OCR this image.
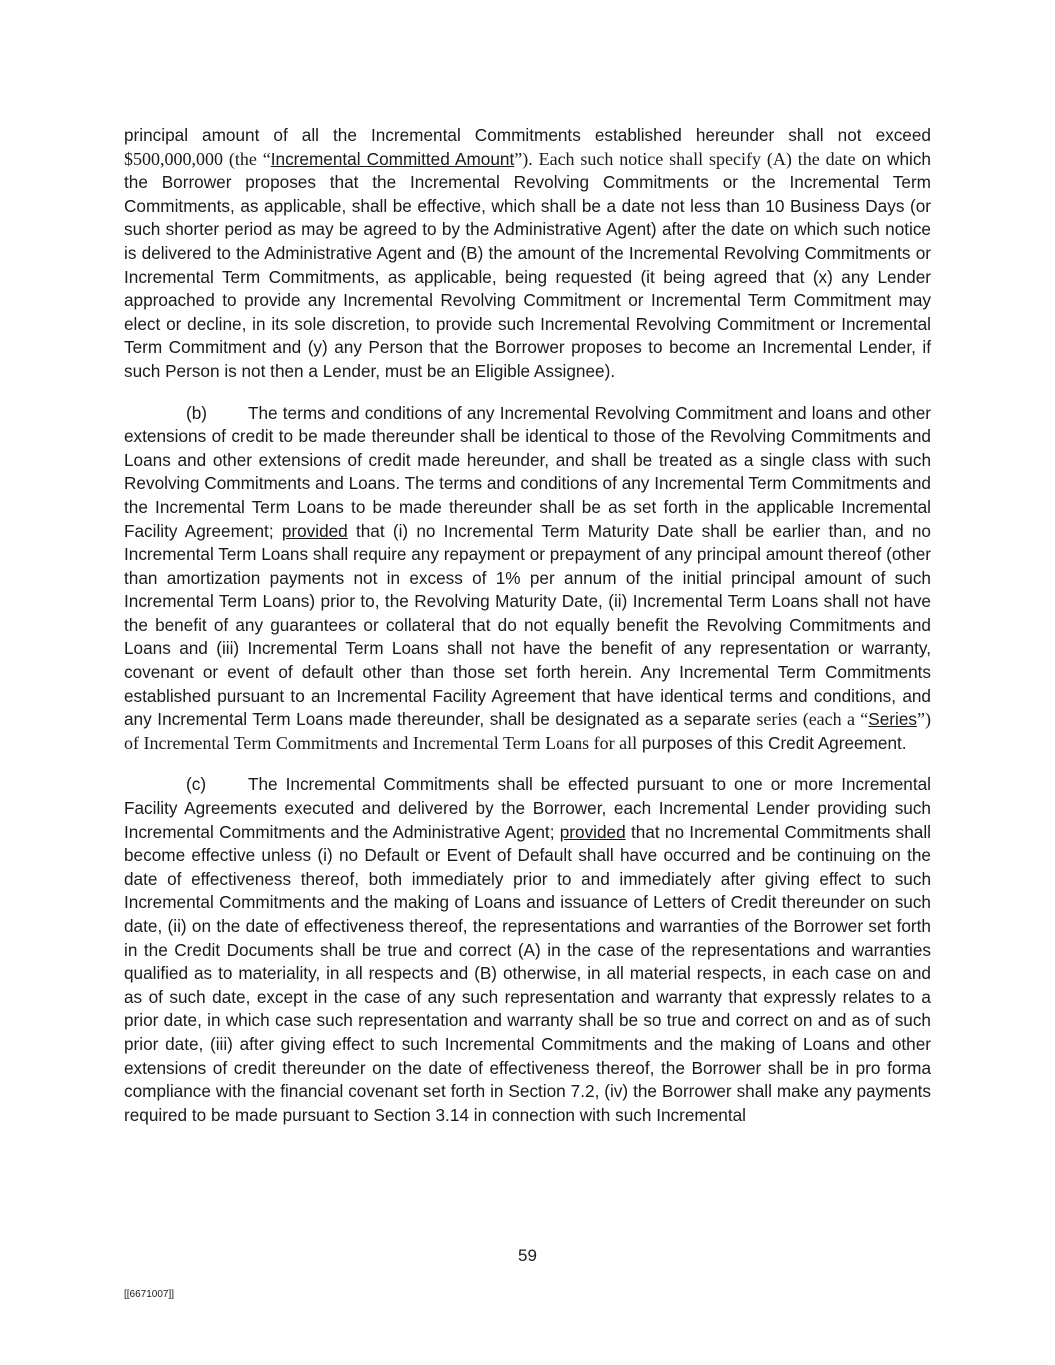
principal amount of all the Incremental Commitments established hereunder shall not exceed $500,000,000 (the “Incremental Committed Amount”). Each such notice shall specify (A) the date on which the Borrower proposes that the Incremental Revolving Commitments or the Incremental Term Commitments, as applicable, shall be effective, which shall be a date not less than 10 Business Days (or such shorter period as may be agreed to by the Administrative Agent) after the date on which such notice is delivered to the Administrative Agent and (B) the amount of the Incremental Revolving Commitments or Incremental Term Commitments, as applicable, being requested (it being agreed that (x) any Lender approached to provide any Incremental Revolving Commitment or Incremental Term Commitment may elect or decline, in its sole discretion, to provide such Incremental Revolving Commitment or Incremental Term Commitment and (y) any Person that the Borrower proposes to become an Incremental Lender, if such Person is not then a Lender, must be an Eligible Assignee).

(b) The terms and conditions of any Incremental Revolving Commitment and loans and other extensions of credit to be made thereunder shall be identical to those of the Revolving Commitments and Loans and other extensions of credit made hereunder, and shall be treated as a single class with such Revolving Commitments and Loans. The terms and conditions of any Incremental Term Commitments and the Incremental Term Loans to be made thereunder shall be as set forth in the applicable Incremental Facility Agreement; provided that (i) no Incremental Term Maturity Date shall be earlier than, and no Incremental Term Loans shall require any repayment or prepayment of any principal amount thereof (other than amortization payments not in excess of 1% per annum of the initial principal amount of such Incremental Term Loans) prior to, the Revolving Maturity Date, (ii) Incremental Term Loans shall not have the benefit of any guarantees or collateral that do not equally benefit the Revolving Commitments and Loans and (iii) Incremental Term Loans shall not have the benefit of any representation or warranty, covenant or event of default other than those set forth herein. Any Incremental Term Commitments established pursuant to an Incremental Facility Agreement that have identical terms and conditions, and any Incremental Term Loans made thereunder, shall be designated as a separate series (each a “Series”) of Incremental Term Commitments and Incremental Term Loans for all purposes of this Credit Agreement.

(c) The Incremental Commitments shall be effected pursuant to one or more Incremental Facility Agreements executed and delivered by the Borrower, each Incremental Lender providing such Incremental Commitments and the Administrative Agent; provided that no Incremental Commitments shall become effective unless (i) no Default or Event of Default shall have occurred and be continuing on the date of effectiveness thereof, both immediately prior to and immediately after giving effect to such Incremental Commitments and the making of Loans and issuance of Letters of Credit thereunder on such date, (ii) on the date of effectiveness thereof, the representations and warranties of the Borrower set forth in the Credit Documents shall be true and correct (A) in the case of the representations and warranties qualified as to materiality, in all respects and (B) otherwise, in all material respects, in each case on and as of such date, except in the case of any such representation and warranty that expressly relates to a prior date, in which case such representation and warranty shall be so true and correct on and as of such prior date, (iii) after giving effect to such Incremental Commitments and the making of Loans and other extensions of credit thereunder on the date of effectiveness thereof, the Borrower shall be in pro forma compliance with the financial covenant set forth in Section 7.2, (iv) the Borrower shall make any payments required to be made pursuant to Section 3.14 in connection with such Incremental

59
[[6671007]]
